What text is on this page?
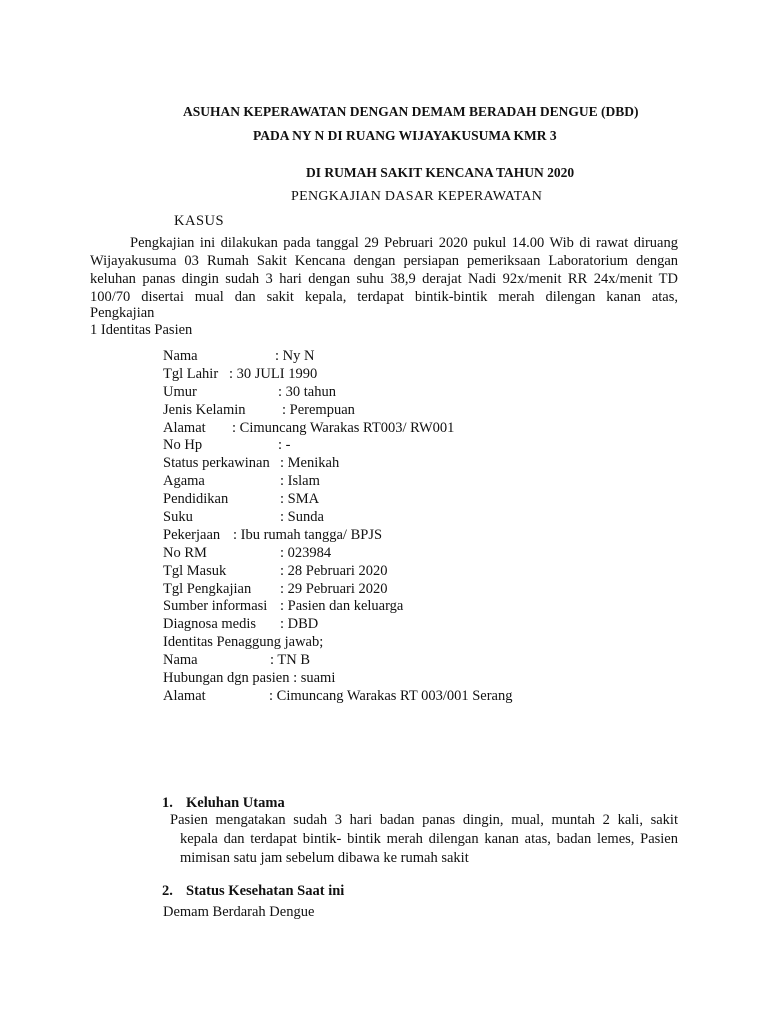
ASUHAN KEPERAWATAN DENGAN DEMAM BERADAH DENGUE (DBD)
PADA NY N DI RUANG WIJAYAKUSUMA KMR 3
DI RUMAH SAKIT KENCANA TAHUN 2020
PENGKAJIAN DASAR KEPERAWATAN
KASUS
Pengkajian ini dilakukan pada tanggal 29 Pebruari 2020 pukul 14.00 Wib di rawat diruang
Wijayakusuma 03 Rumah Sakit Kencana dengan persiapan pemeriksaan Laboratorium dengan
keluhan panas dingin sudah 3 hari dengan suhu 38,9 derajat Nadi 92x/menit RR 24x/menit TD
100/70 disertai mual dan sakit kepala, terdapat bintik-bintik merah dilengan kanan atas,
Pengkajian
1 Identitas Pasien
Nama	: Ny N
Tgl Lahir : 30 JULI 1990
Umur	: 30 tahun
Jenis Kelamin	: Perempuan
Alamat : Cimuncang Warakas RT003/ RW001
No Hp	: -
Status perkawinan : Menikah
Agama	: Islam
Pendidikan	: SMA
Suku	: Sunda
Pekerjaan : Ibu rumah tangga/ BPJS
No RM	: 023984
Tgl Masuk	: 28 Pebruari 2020
Tgl Pengkajian : 29 Pebruari 2020
Sumber informasi : Pasien dan keluarga
Diagnosa medis : DBD
Identitas Penaggung jawab;
Nama	: TN B
Hubungan dgn pasien : suami
Alamat	: Cimuncang Warakas RT 003/001 Serang
1. Keluhan Utama
Pasien mengatakan sudah 3 hari badan panas dingin, mual, muntah 2 kali, sakit
kepala dan terdapat bintik- bintik merah dilengan kanan atas, badan lemes, Pasien
mimisan satu jam sebelum dibawa ke rumah sakit
2. Status Kesehatan Saat ini
Demam Berdarah Dengue
